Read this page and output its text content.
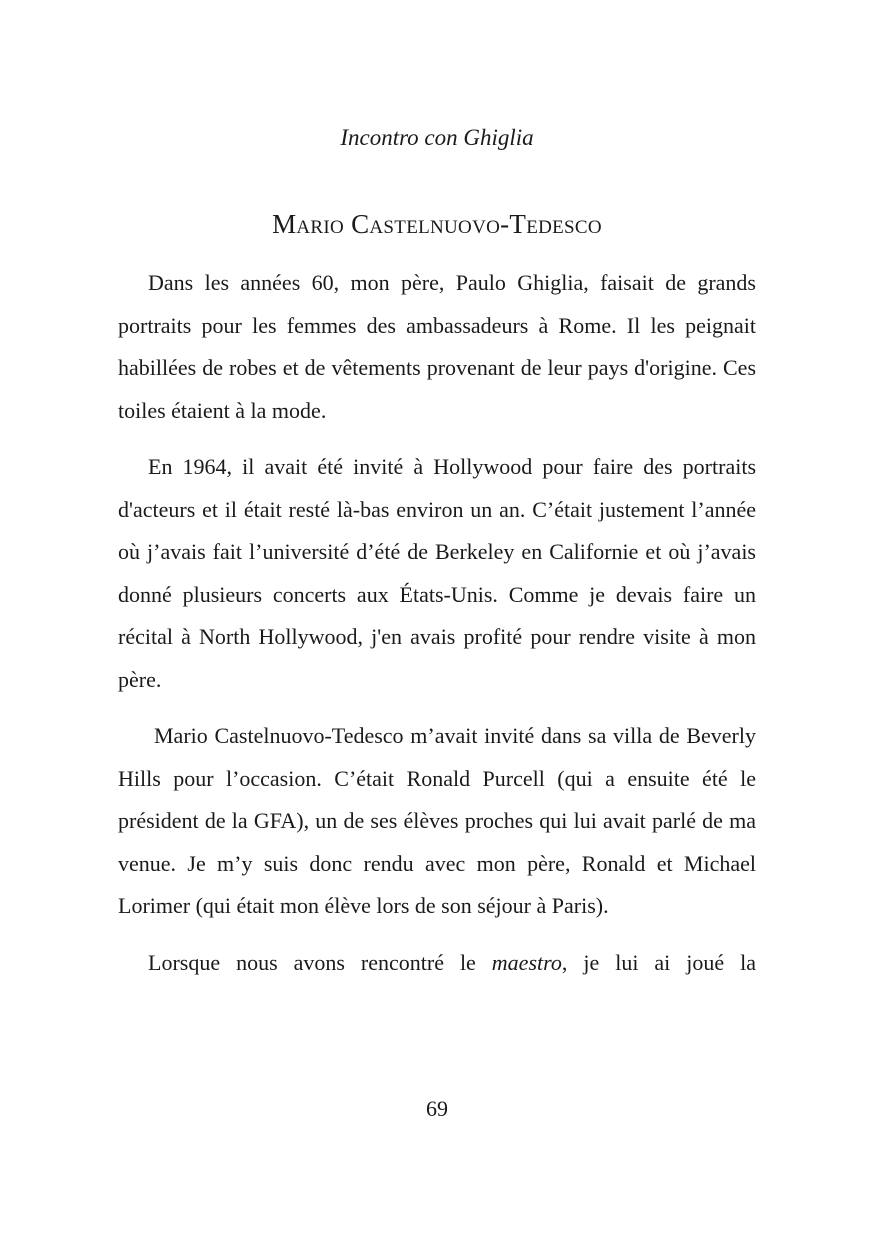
Incontro con Ghiglia
Mario Castelnuovo-Tedesco

Dans les années 60, mon père, Paulo Ghiglia, faisait de grands portraits pour les femmes des ambassadeurs à Rome. Il les peignait habillées de robes et de vêtements provenant de leur pays d'origine. Ces toiles étaient à la mode.

En 1964, il avait été invité à Hollywood pour faire des portraits d'acteurs et il était resté là-bas environ un an. C’était justement l’année où j’avais fait l’université d’été de Berkeley en Californie et où j’avais donné plusieurs concerts aux États-Unis. Comme je devais faire un récital à North Hollywood, j'en avais profité pour rendre visite à mon père.

Mario Castelnuovo-Tedesco m’avait invité dans sa villa de Beverly Hills pour l’occasion. C’était Ronald Purcell (qui a ensuite été le président de la GFA), un de ses élèves proches qui lui avait parlé de ma venue. Je m’y suis donc rendu avec mon père, Ronald et Michael Lorimer (qui était mon élève lors de son séjour à Paris).

Lorsque nous avons rencontré le maestro, je lui ai joué la

69
